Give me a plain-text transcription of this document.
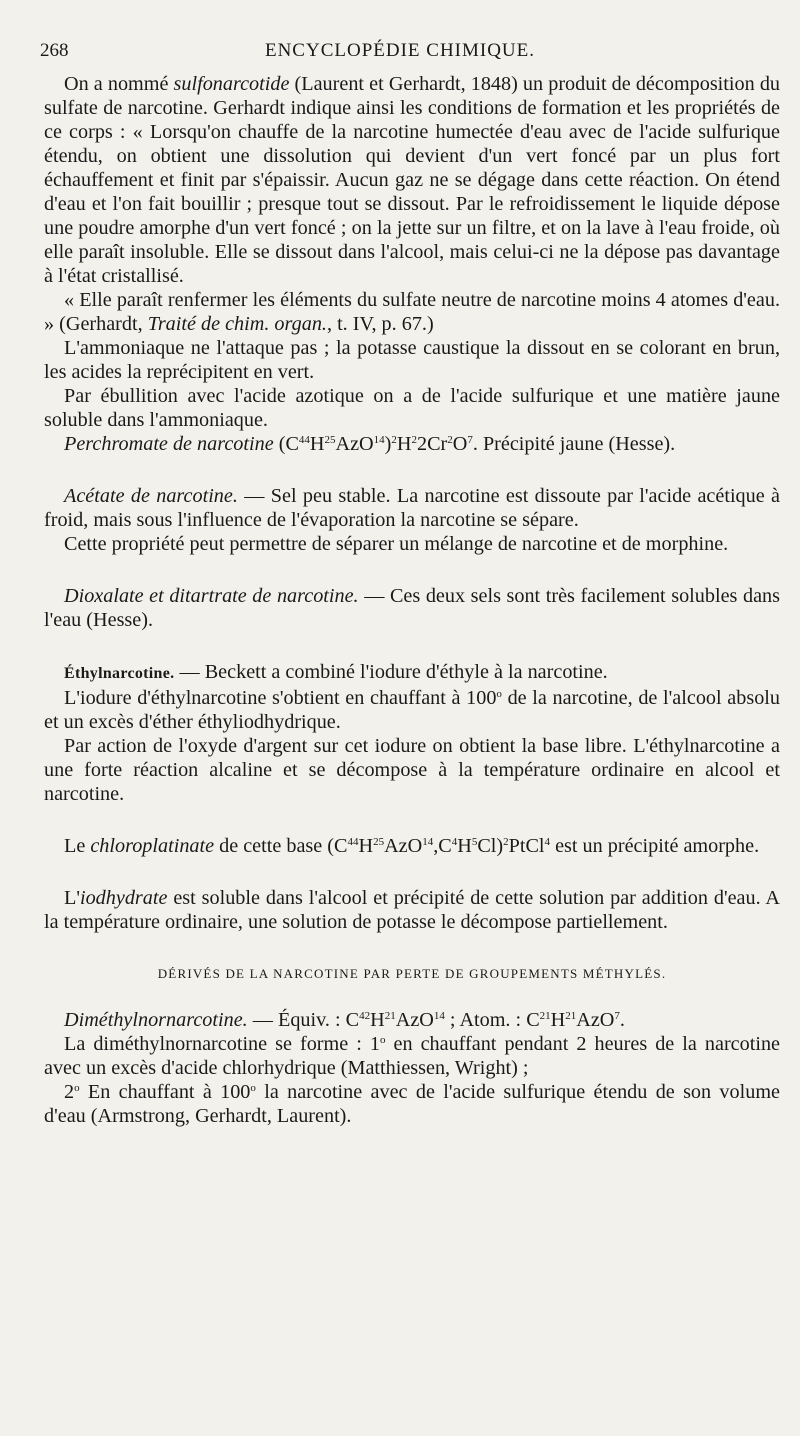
268	ENCYCLOPÉDIE CHIMIQUE.

On a nommé sulfonarcotide (Laurent et Gerhardt, 1848) un produit de décomposition du sulfate de narcotine. Gerhardt indique ainsi les conditions de formation et les propriétés de ce corps : « Lorsqu'on chauffe de la narcotine humectée d'eau avec de l'acide sulfurique étendu, on obtient une dissolution qui devient d'un vert foncé par un plus fort échauffement et finit par s'épaissir. Aucun gaz ne se dégage dans cette réaction. On étend d'eau et l'on fait bouillir ; presque tout se dissout. Par le refroidissement le liquide dépose une poudre amorphe d'un vert foncé ; on la jette sur un filtre, et on la lave à l'eau froide, où elle paraît insoluble. Elle se dissout dans l'alcool, mais celui-ci ne la dépose pas davantage à l'état cristallisé.

« Elle paraît renfermer les éléments du sulfate neutre de narcotine moins 4 atomes d'eau. » (Gerhardt, Traité de chim. organ., t. IV, p. 67.)

L'ammoniaque ne l'attaque pas ; la potasse caustique la dissout en se colorant en brun, les acides la reprécipitent en vert.

Par ébullition avec l'acide azotique on a de l'acide sulfurique et une matière jaune soluble dans l'ammoniaque.

Perchromate de narcotine $(C^{44}H^{25}AzO^{14})^2H^22Cr^2O^7$. Précipité jaune (Hesse).

Acétate de narcotine. — Sel peu stable. La narcotine est dissoute par l'acide acétique à froid, mais sous l'influence de l'évaporation la narcotine se sépare.

Cette propriété peut permettre de séparer un mélange de narcotine et de morphine.

Dioxalate et ditartrate de narcotine. — Ces deux sels sont très facilement solubles dans l'eau (Hesse).

Éthylnarcotine. — Beckett a combiné l'iodure d'éthyle à la narcotine.

L'iodure d'éthylnarcotine s'obtient en chauffant à 100$^o$ de la narcotine, de l'alcool absolu et un excès d'éther éthyliodhydrique.

Par action de l'oxyde d'argent sur cet iodure on obtient la base libre. L'éthylnarcotine a une forte réaction alcaline et se décompose à la température ordinaire en alcool et narcotine.

Le chloroplatinate de cette base $(C^{44}H^{25}AzO^{14},C^4H^5Cl)^2PtCl^4$ est un précipité amorphe.

L'iodhydrate est soluble dans l'alcool et précipité de cette solution par addition d'eau. A la température ordinaire, une solution de potasse le décompose partiellement.

DÉRIVÉS DE LA NARCOTINE PAR PERTE DE GROUPEMENTS MÉTHYLÉS.

Diméthylnornarcotine. — Équiv. : $C^{42}H^{21}AzO^{14}$ ; Atom. : $C^{21}H^{21}AzO^7$.

La diméthylnornarcotine se forme : 1$^o$ en chauffant pendant 2 heures de la narcotine avec un excès d'acide chlorhydrique (Matthiessen, Wright) ;

2$^o$ En chauffant à 100$^o$ la narcotine avec de l'acide sulfurique étendu de son volume d'eau (Armstrong, Gerhardt, Laurent).
